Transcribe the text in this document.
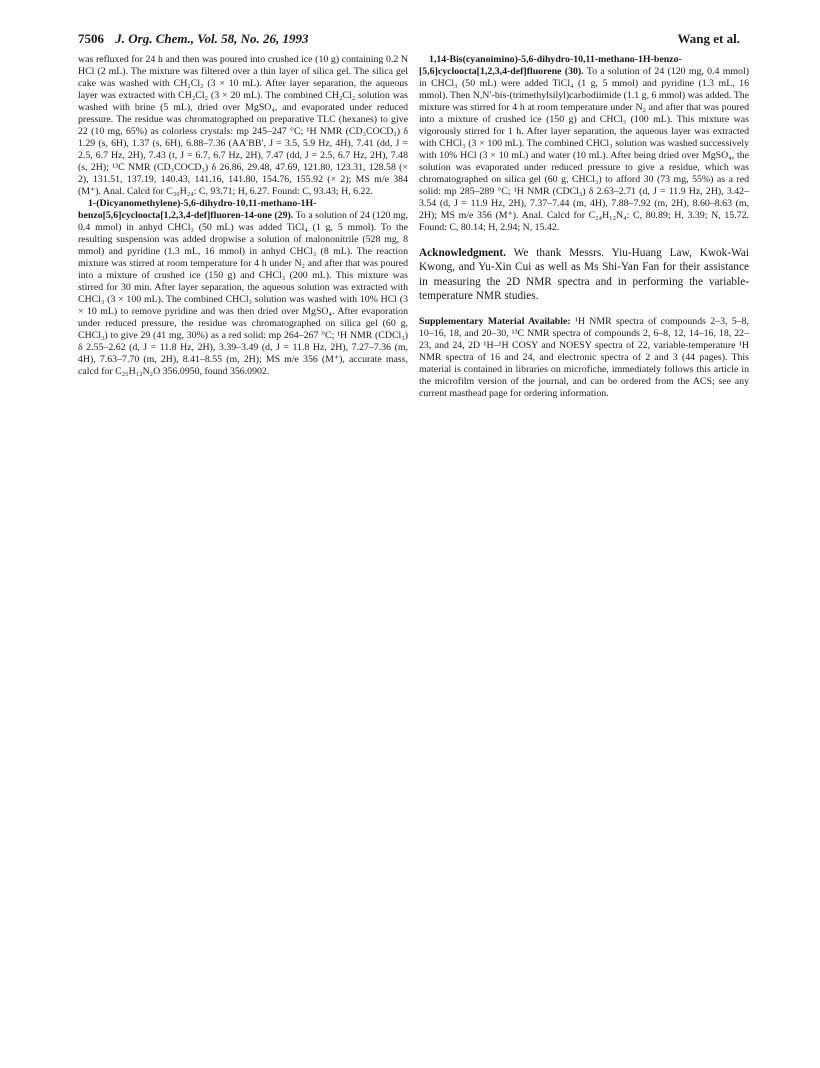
7506 J. Org. Chem., Vol. 58, No. 26, 1993	Wang et al.

was refluxed for 24 h and then was poured into crushed ice (10 g) containing 0.2 N HCl (2 mL). The mixture was filtered over a thin layer of silica gel. The silica gel cake was washed with CH₂Cl₂ (3 × 10 mL). After layer separation, the aqueous layer was extracted with CH₂Cl₂ (3 × 20 mL). The combined CH₂Cl₂ solution was washed with brine (5 mL), dried over MgSO₄, and evaporated under reduced pressure. The residue was chromatographed on preparative TLC (hexanes) to give 22 (10 mg, 65%) as colorless crystals: mp 245–247 °C; ¹H NMR (CD₃COCD₃) δ 1.29 (s, 6H), 1.37 (s, 6H), 6.88–7.36 (AA′BB′, J = 3.5, 5.9 Hz, 4H), 7.41 (dd, J = 2.5, 6.7 Hz, 2H), 7.43 (t, J = 6.7, 6.7 Hz, 2H), 7.47 (dd, J = 2.5, 6.7 Hz, 2H), 7.48 (s, 2H); ¹³C NMR (CD₃COCD₃) δ 26.86, 29.48, 47.69, 121.80, 123.31, 128.58 (× 2), 131.51, 137.19, 140.43, 141.16, 141.80, 154.76, 155.92 (× 2); MS m/e 384 (M⁺). Anal. Calcd for C₃₀H₂₄: C, 93.71; H, 6.27. Found: C, 93.43; H, 6.22.

1-(Dicyanomethylene)-5,6-dihydro-10,11-methano-1H-benzo[5,6]cycloocta[1,2,3,4-def]fluoren-14-one (29). To a solution of 24 (120 mg, 0.4 mmol) in anhyd CHCl₃ (50 mL) was added TiCl₄ (1 g, 5 mmol). To the resulting suspension was added dropwise a solution of malononitrile (528 mg, 8 mmol) and pyridine (1.3 mL, 16 mmol) in anhyd CHCl₃ (8 mL). The reaction mixture was stirred at room temperature for 4 h under N₂ and after that was poured into a mixture of crushed ice (150 g) and CHCl₃ (200 mL). This mixture was stirred for 30 min. After layer separation, the aqueous solution was extracted with CHCl₃ (3 × 100 mL). The combined CHCl₃ solution was washed with 10% HCl (3 × 10 mL) to remove pyridine and was then dried over MgSO₄. After evaporation under reduced pressure, the residue was chromatographed on silica gel (60 g, CHCl₃) to give 29 (41 mg, 30%) as a red solid: mp 264–267 °C; ¹H NMR (CDCl₃) δ 2.55–2.62 (d, J = 11.8 Hz, 2H), 3.39–3.49 (d, J = 11.8 Hz, 2H), 7.27–7.36 (m, 4H), 7.63–7.70 (m, 2H), 8.41–8.55 (m, 2H); MS m/e 356 (M⁺), accurate mass, calcd for C₂₅H₁₂N₂O 356.0950, found 356.0902.

1,14-Bis(cyanoimino)-5,6-dihydro-10,11-methano-1H-benzo-[5,6]cycloocta[1,2,3,4-def]fluorene (30). To a solution of 24 (120 mg, 0.4 mmol) in CHCl₃ (50 mL) were added TiCl₄ (1 g, 5 mmol) and pyridine (1.3 mL, 16 mmol). Then N,N′-bis-(trimethylsilyl)carbodiimide (1.1 g, 6 mmol) was added. The mixture was stirred for 4 h at room temperature under N₂ and after that was poured into a mixture of crushed ice (150 g) and CHCl₃ (100 mL). This mixture was vigorously stirred for 1 h. After layer separation, the aqueous layer was extracted with CHCl₃ (3 × 100 mL). The combined CHCl₃ solution was washed successively with 10% HCl (3 × 10 mL) and water (10 mL). After being dried over MgSO₄, the solution was evaporated under reduced pressure to give a residue, which was chromatographed on silica gel (60 g, CHCl₃) to afford 30 (73 mg, 55%) as a red solid: mp 285–289 °C; ¹H NMR (CDCl₃) δ 2.63–2.71 (d, J = 11.9 Hz, 2H), 3.42–3.54 (d, J = 11.9 Hz, 2H), 7.37–7.44 (m, 4H), 7.88–7.92 (m, 2H), 8.60–8.63 (m, 2H); MS m/e 356 (M⁺). Anal. Calcd for C₂₄H₁₂N₄: C, 80.89; H, 3.39; N, 15.72. Found: C, 80.14; H, 2.94; N, 15.42.

Acknowledgment. We thank Messrs. Yiu-Huang Law, Kwok-Wai Kwong, and Yu-Xin Cui as well as Ms Shi-Yan Fan for their assistance in measuring the 2D NMR spectra and in performing the variable-temperature NMR studies.
Supplementary Material Available: ¹H NMR spectra of compounds 2–3, 5–8, 10–16, 18, and 20–30, ¹³C NMR spectra of compounds 2, 6–8, 12, 14–16, 18, 22–23, and 24, 2D ¹H–¹H COSY and NOESY spectra of 22, variable-temperature ¹H NMR spectra of 16 and 24, and electronic spectra of 2 and 3 (44 pages). This material is contained in libraries on microfiche, immediately follows this article in the microfilm version of the journal, and can be ordered from the ACS; see any current masthead page for ordering information.
